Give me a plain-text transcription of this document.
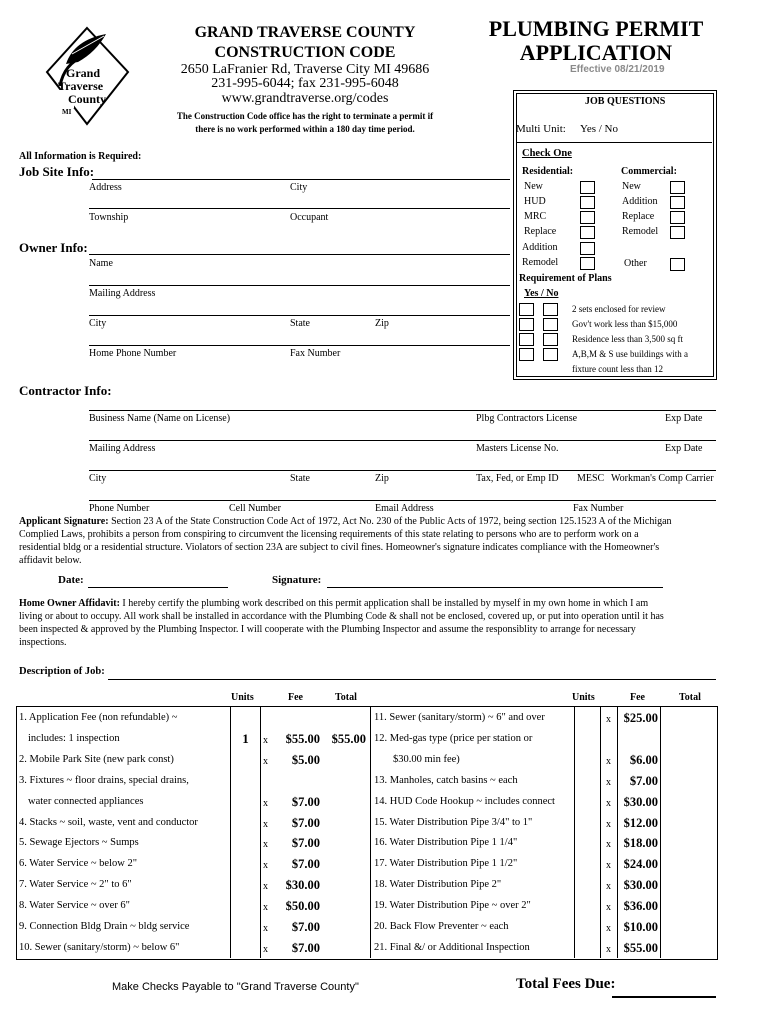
Grand
Traverse
County
MI
GRAND TRAVERSE COUNTY
CONSTRUCTION CODE
2650 LaFranier Rd, Traverse City MI 49686
231-995-6044; fax 231-995-6048
www.grandtraverse.org/codes
The Construction Code office has the right to terminate a permit if
there is no work performed within a 180 day time period.
PLUMBING PERMIT
APPLICATION
Effective 08/21/2019
JOB QUESTIONS
Multi Unit: Yes / No
Check One
Residential:	Commercial:
New
HUD
MRC
Replace
Addition
Remodel
New
Addition
Replace
Remodel
Other
Requirement of Plans
Yes / No
2 sets enclosed for review
Gov't work less than $15,000
Residence less than 3,500 sq ft
A,B,M & S use buildings with a
fixture count less than 12
All Information is Required:
Job Site Info:
Address	City
Township	Occupant
Owner Info:
Name
Mailing Address
City	State	Zip
Home Phone Number	Fax Number
Contractor Info:
Business Name (Name on License)	Plbg Contractors License	Exp Date
Mailing Address	Masters License No.	Exp Date
City	State	Zip	Tax, Fed, or Emp ID MESC Workman's Comp Carrier
Phone Number	Cell Number	Email Address	Fax Number
Applicant Signature: Section 23 A of the State Construction Code Act of 1972, Act No. 230 of the Public Acts of 1972, being section 125.1523 A of the Michigan
Complied Laws, prohibits a person from conspiring to circumvent the licensing requirements of this state relating to persons who are to perform work on a
residential bldg or a residential structure. Violators of section 23A are subject to civil fines. Homeowner's signature indicates compliance with the Homeowner's
affidavit below.
Date:	Signature:
Home Owner Affidavit: I hereby certify the plumbing work described on this permit application shall be installed by myself in my own home in which I am
living or about to occupy. All work shall be installed in accordance with the Plumbing Code & shall not be enclosed, covered up, or put into operation until it has
been inspected & approved by the Plumbing Inspector. I will cooperate with the Plumbing Inspector and assume the responsiblity to arrange for necessary
inspections.
Description of Job:
Units	Fee	Total	Units	Fee	Total
1. Application Fee (non refundable) ~
includes: 1 inspection	1	x	$55.00 $55.00
2. Mobile Park Site (new park const)	x	$5.00
3. Fixtures ~ floor drains, special drains,
water connected appliances	x	$7.00
4. Stacks ~ soil, waste, vent and conductor	x	$7.00
5. Sewage Ejectors ~ Sumps	x	$7.00
6. Water Service ~ below 2"	x	$7.00
7. Water Service ~ 2" to 6"	x	$30.00
8. Water Service ~ over 6"	x	$50.00
9. Connection Bldg Drain ~ bldg service	x	$7.00
10. Sewer (sanitary/storm) ~ below 6"	x	$7.00
11. Sewer (sanitary/storm) ~ 6" and over	x	$25.00
12. Med-gas type (price per station or
$30.00 min fee)	x	$6.00
13. Manholes, catch basins ~ each	x	$7.00
14. HUD Code Hookup ~ includes connect	x	$30.00
15. Water Distribution Pipe 3/4" to 1"	x	$12.00
16. Water Distribution Pipe 1 1/4"	x	$18.00
17. Water Distribution Pipe 1 1/2"	x	$24.00
18. Water Distribution Pipe 2"	x	$30.00
19. Water Distribution Pipe ~ over 2"	x	$36.00
20. Back Flow Preventer ~ each	x	$10.00
21. Final &/ or Additional Inspection	x	$55.00
Make Checks Payable to "Grand Traverse County"	Total Fees Due:
